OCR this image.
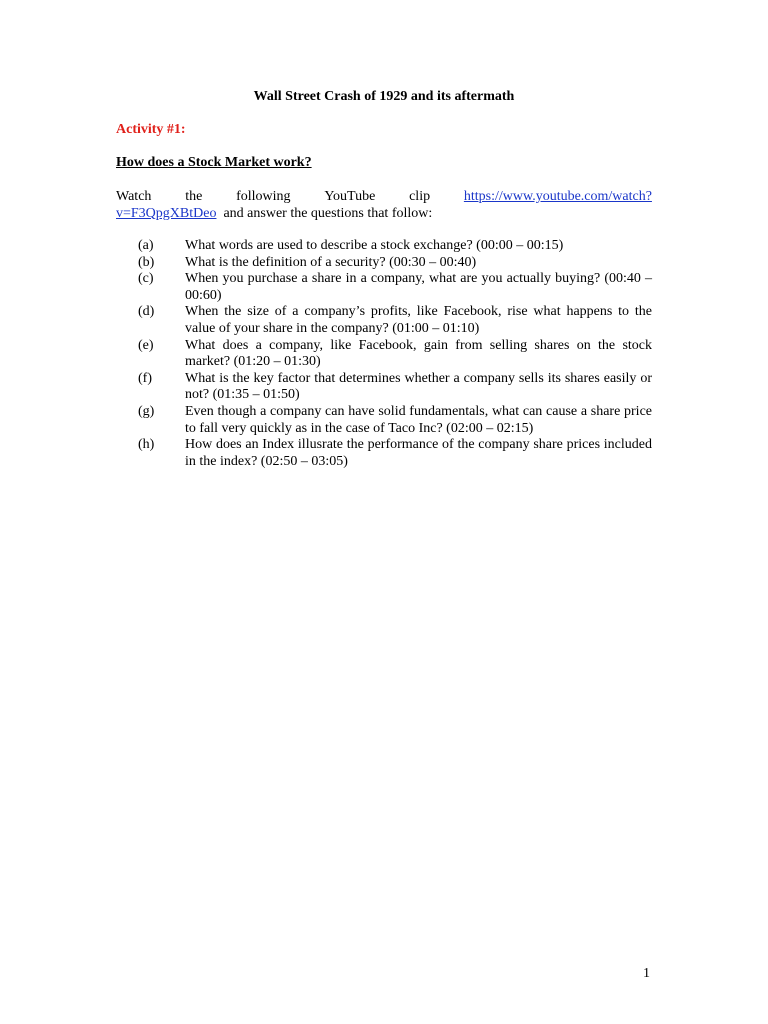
Wall Street Crash of 1929 and its aftermath
Activity #1:
How does a Stock Market work?
Watch the following YouTube clip https://www.youtube.com/watch?
v=F3QpgXBtDeo and answer the questions that follow:
(a)	What words are used to describe a stock exchange? (00:00 – 00:15)
(b)	What is the definition of a security? (00:30 – 00:40)
(c)	When you purchase a share in a company, what are you actually buying? (00:40 – 00:60)
(d)	When the size of a company’s profits, like Facebook, rise what happens to the value of your share in the company? (01:00 – 01:10)
(e)	What does a company, like Facebook, gain from selling shares on the stock market? (01:20 – 01:30)
(f)	What is the key factor that determines whether a company sells its shares easily or not? (01:35 – 01:50)
(g)	Even though a company can have solid fundamentals, what can cause a share price to fall very quickly as in the case of Taco Inc? (02:00 – 02:15)
(h)	How does an Index illusrate the performance of the company share prices included in the index? (02:50 – 03:05)
1
